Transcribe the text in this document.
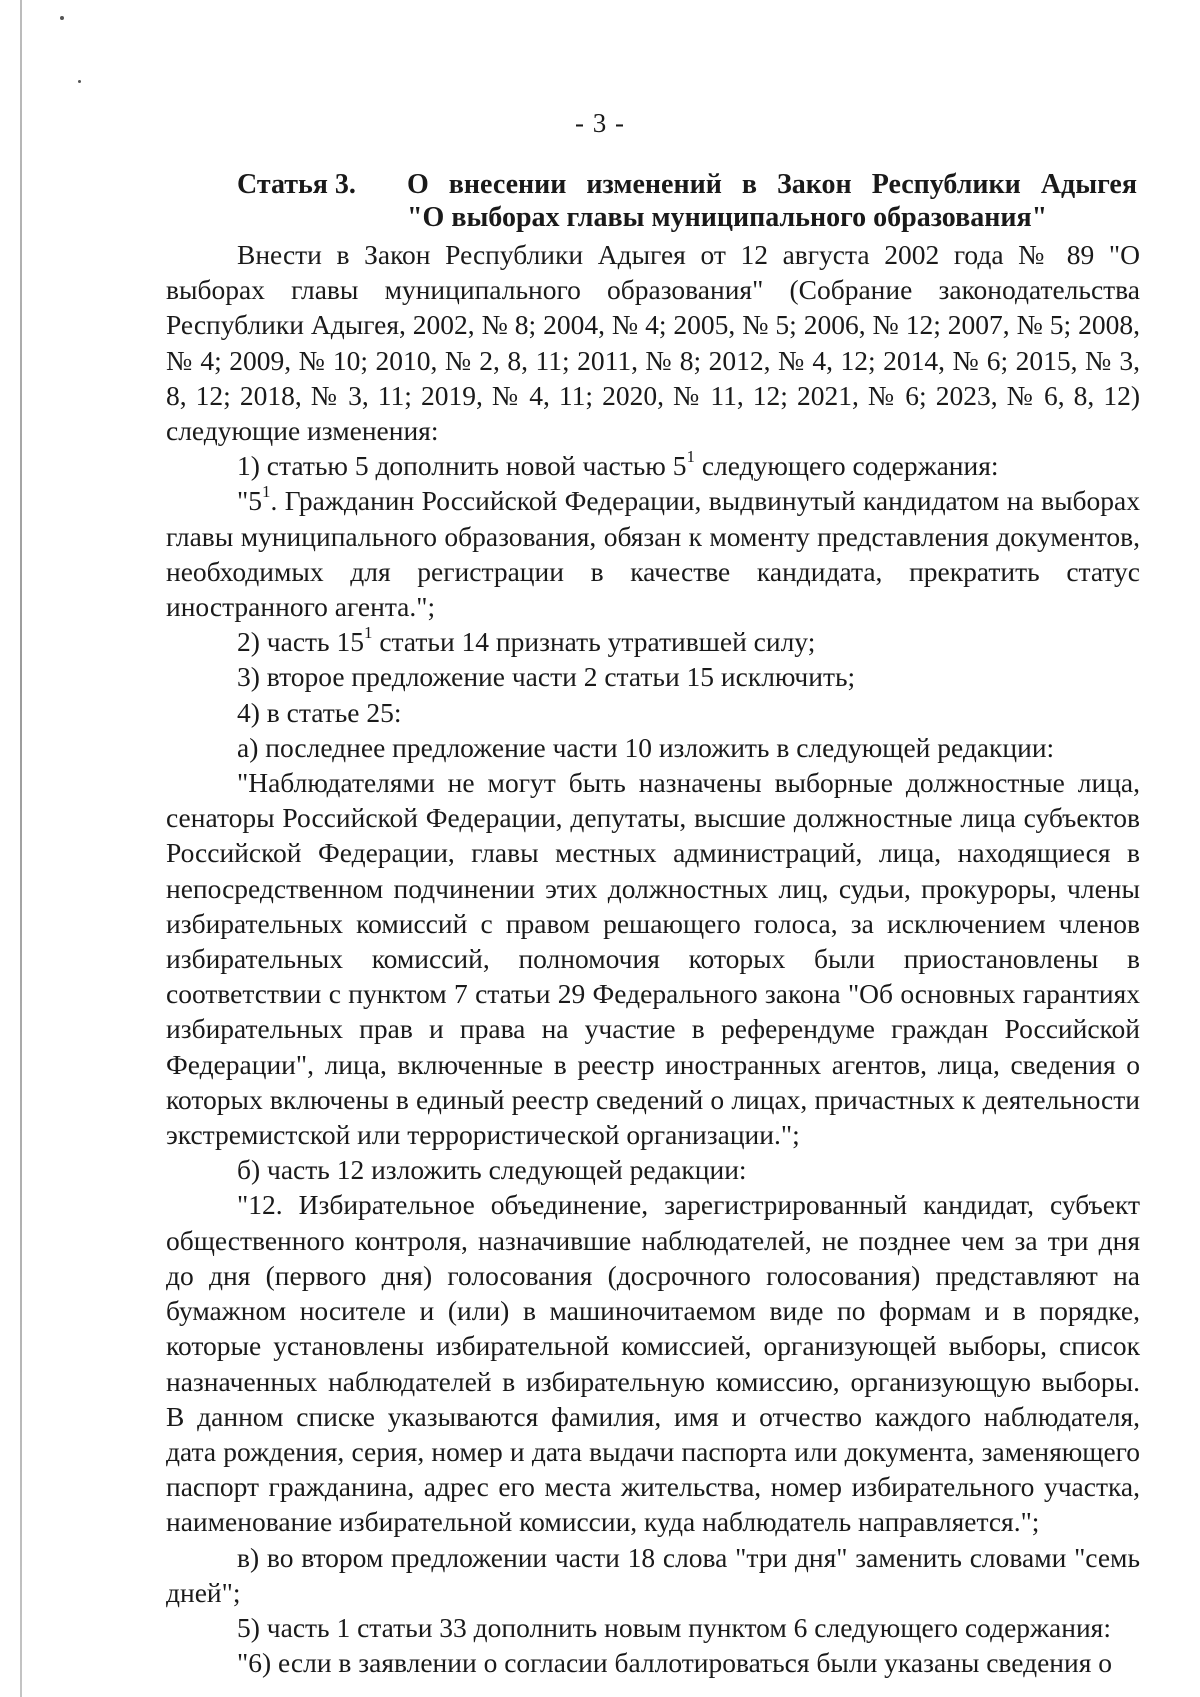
- 3 -
Статья 3. О внесении изменений в Закон Республики Адыгея
"О выборах главы муниципального образования"

Внести в Закон Республики Адыгея от 12 августа 2002 года № 89 "О выборах главы муниципального образования" (Собрание законодательства Республики Адыгея, 2002, № 8; 2004, № 4; 2005, № 5; 2006, № 12; 2007, № 5; 2008, № 4; 2009, № 10; 2010, № 2, 8, 11; 2011, № 8; 2012, № 4, 12; 2014, № 6; 2015, № 3, 8, 12; 2018, № 3, 11; 2019, № 4, 11; 2020, № 11, 12; 2021, № 6; 2023, № 6, 8, 12) следующие изменения:

1) статью 5 дополнить новой частью $5^1$ следующего содержания:

"$5^1$. Гражданин Российской Федерации, выдвинутый кандидатом на выборах главы муниципального образования, обязан к моменту представления документов, необходимых для регистрации в качестве кандидата, прекратить статус иностранного агента.";

2) часть $15^1$ статьи 14 признать утратившей силу;

3) второе предложение части 2 статьи 15 исключить;

4) в статье 25:

а) последнее предложение части 10 изложить в следующей редакции:

"Наблюдателями не могут быть назначены выборные должностные лица, сенаторы Российской Федерации, депутаты, высшие должностные лица субъектов Российской Федерации, главы местных администраций, лица, находящиеся в непосредственном подчинении этих должностных лиц, судьи, прокуроры, члены избирательных комиссий с правом решающего голоса, за исключением членов избирательных комиссий, полномочия которых были приостановлены в соответствии с пунктом 7 статьи 29 Федерального закона "Об основных гарантиях избирательных прав и права на участие в референдуме граждан Российской Федерации", лица, включенные в реестр иностранных агентов, лица, сведения о которых включены в единый реестр сведений о лицах, причастных к деятельности экстремистской или террористической организации.";

б) часть 12 изложить следующей редакции:

"12. Избирательное объединение, зарегистрированный кандидат, субъект общественного контроля, назначившие наблюдателей, не позднее чем за три дня до дня (первого дня) голосования (досрочного голосования) представляют на бумажном носителе и (или) в машиночитаемом виде по формам и в порядке, которые установлены избирательной комиссией, организующей выборы, список назначенных наблюдателей в избирательную комиссию, организующую выборы. В данном списке указываются фамилия, имя и отчество каждого наблюдателя, дата рождения, серия, номер и дата выдачи паспорта или документа, заменяющего паспорт гражданина, адрес его места жительства, номер избирательного участка, наименование избирательной комиссии, куда наблюдатель направляется.";

в) во втором предложении части 18 слова "три дня" заменить словами "семь дней";

5) часть 1 статьи 33 дополнить новым пунктом 6 следующего содержания:

"6) если в заявлении о согласии баллотироваться были указаны сведения о
